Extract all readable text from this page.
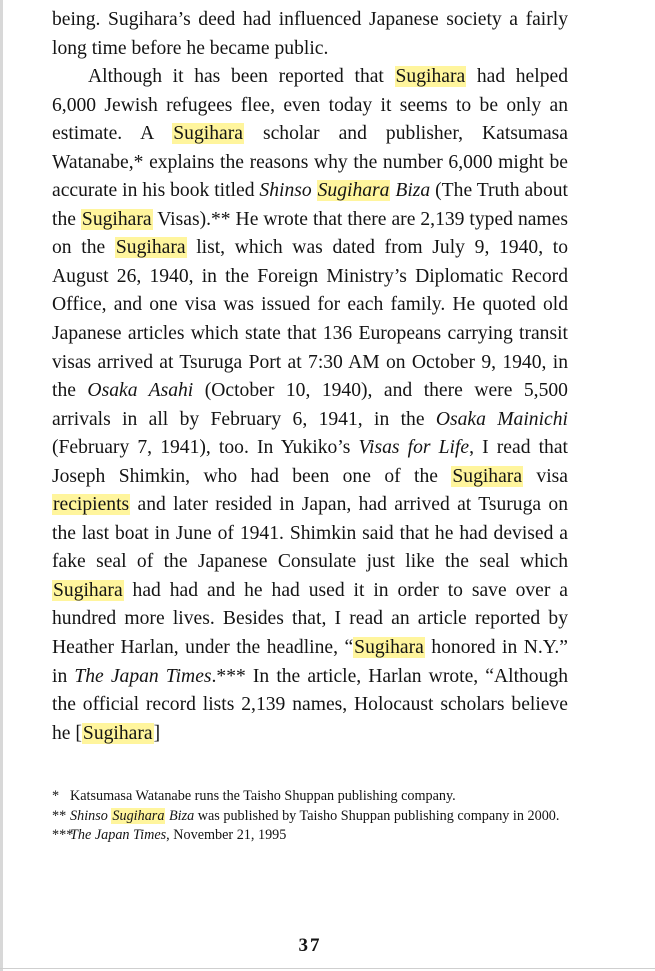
being. Sugihara’s deed had influenced Japanese society a fairly long time before he became public.

Although it has been reported that Sugihara had helped 6,000 Jewish refugees flee, even today it seems to be only an estimate. A Sugihara scholar and publisher, Katsumasa Watanabe,* explains the reasons why the number 6,000 might be accurate in his book titled Shinso Sugihara Biza (The Truth about the Sugihara Visas).** He wrote that there are 2,139 typed names on the Sugihara list, which was dated from July 9, 1940, to August 26, 1940, in the Foreign Ministry’s Diplomatic Record Office, and one visa was issued for each family. He quoted old Japanese articles which state that 136 Europeans carrying transit visas arrived at Tsuruga Port at 7:30 AM on October 9, 1940, in the Osaka Asahi (October 10, 1940), and there were 5,500 arrivals in all by February 6, 1941, in the Osaka Mainichi (February 7, 1941), too. In Yukiko’s Visas for Life, I read that Joseph Shimkin, who had been one of the Sugihara visa recipients and later resided in Japan, had arrived at Tsuruga on the last boat in June of 1941. Shimkin said that he had devised a fake seal of the Japanese Consulate just like the seal which Sugihara had had and he had used it in order to save over a hundred more lives. Besides that, I read an article reported by Heather Harlan, under the headline, “Sugihara honored in N.Y.” in The Japan Times.*** In the article, Harlan wrote, “Although the official record lists 2,139 names, Holocaust scholars believe he [Sugihara]

* Katsumasa Watanabe runs the Taisho Shuppan publishing company.

** Shinso Sugihara Biza was published by Taisho Shuppan publishing company in 2000.

***The Japan Times, November 21, 1995

37
